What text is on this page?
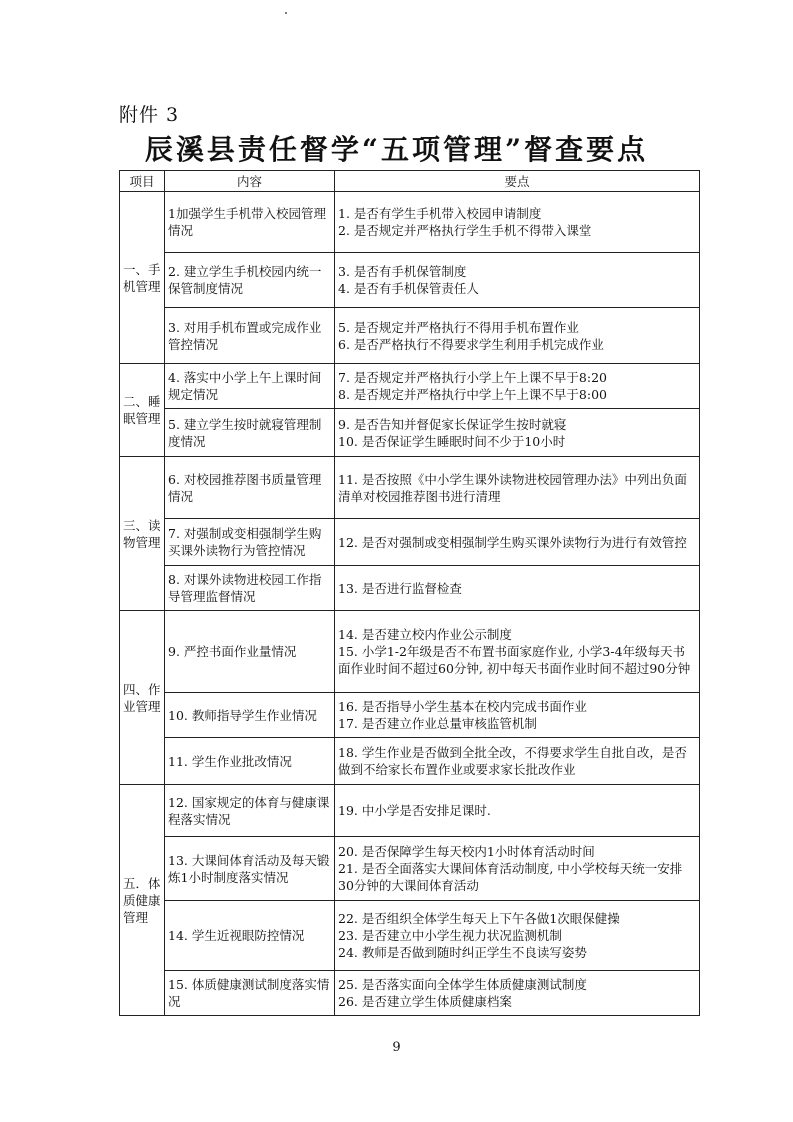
附件 3
辰溪县责任督学“五项管理”督查要点
项目	内容	要点
一、手机管理	1加强学生手机带入校园管理情况	1. 是否有学生手机带入校园申请制度
2. 是否规定并严格执行学生手机不得带入课堂

	2. 建立学生手机校园内统一保管制度情况	3. 是否有手机保管制度
4. 是否有手机保管责任人

	3. 对用手机布置或完成作业管控情况	5. 是否规定并严格执行不得用手机布置作业
6. 是否严格执行不得要求学生利用手机完成作业

二、睡眠管理	4. 落实中小学上午上课时间规定情况	7. 是否规定并严格执行小学上午上课不早于8:20
8. 是否规定并严格执行中学上午上课不早于8:00

	5. 建立学生按时就寝管理制度情况	9. 是否告知并督促家长保证学生按时就寝
10. 是否保证学生睡眠时间不少于10小时

三、读物管理	6. 对校园推荐图书质量管理情况	11. 是否按照《中小学生课外读物进校园管理办法》中列出负面清单对校园推荐图书进行清理

	7. 对强制或变相强制学生购买课外读物行为管控情况	12. 是否对强制或变相强制学生购买课外读物行为进行有效管控

	8. 对课外读物进校园工作指导管理监督情况	13. 是否进行监督检查

四、作业管理	9. 严控书面作业量情况	14. 是否建立校内作业公示制度
15. 小学1-2年级是否不布置书面家庭作业, 小学3-4年级每天书面作业时间不超过60分钟, 初中每天书面作业时间不超过90分钟

	10. 教师指导学生作业情况	16. 是否指导小学生基本在校内完成书面作业
17. 是否建立作业总量审核监管机制

	11. 学生作业批改情况	18. 学生作业是否做到全批全改，不得要求学生自批自改，是否做到不给家长布置作业或要求家长批改作业

五．体质健康管理	12. 国家规定的体育与健康课程落实情况	19. 中小学是否安排足课时.

	13. 大课间体育活动及每天锻炼1小时制度落实情况	20. 是否保障学生每天校内1小时体育活动时间
21. 是否全面落实大课间体育活动制度, 中小学校每天统一安排30分钟的大课间体育活动

	14. 学生近视眼防控情况	22. 是否组织全体学生每天上下午各做1次眼保健操
23. 是否建立中小学生视力状况监测机制
24. 教师是否做到随时纠正学生不良读写姿势

	15. 体质健康测试制度落实情况	25. 是否落实面向全体学生体质健康测试制度
26. 是否建立学生体质健康档案
9
